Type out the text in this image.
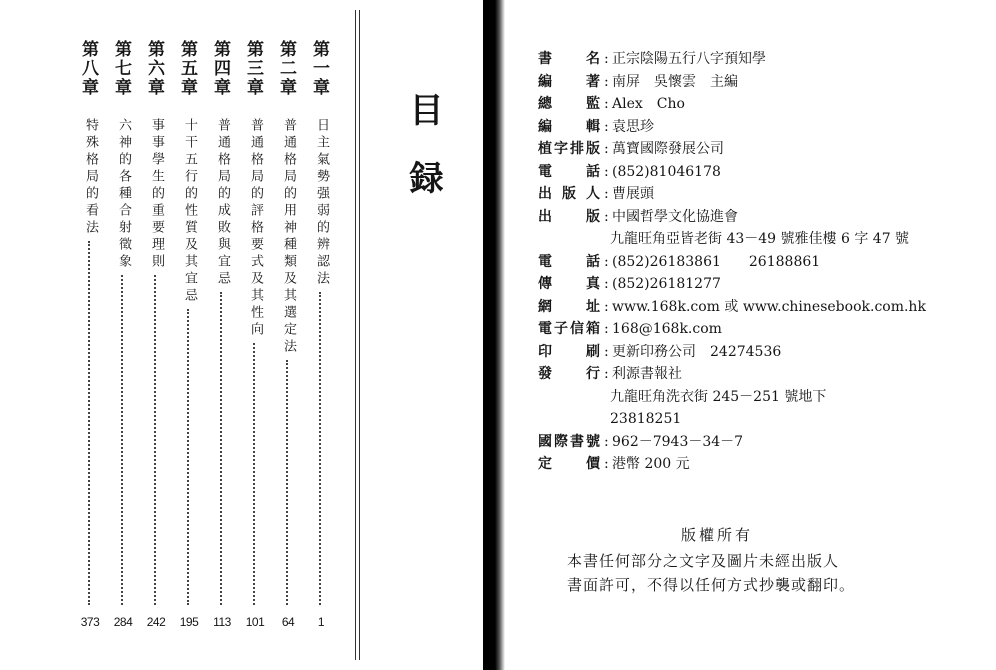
目録
第一章
日主氣勢强弱的辨認法
1
第二章
普通格局的用神種類及其選定法
64
第三章
普通格局的評格要式及其性向
101
第四章
普通格局的成敗與宜忌
113
第五章
十干五行的性質及其宜忌
195
第六章
事事學生的重要理則
242
第七章
六神的各種合射徵象
284
第八章
特殊格局的看法
373
書名 : 正宗陰陽五行八字預知學
編著 : 南屏　吳懷雲　主編
總監 : Alex　Cho
編輯 : 袁思珍
植字排版 : 萬寶國際發展公司
電話 : (852)81046178
出版人 : 曹展頭
出版 : 中國哲學文化協進會
九龍旺角亞皆老街 43－49 號雅佳樓 6 字 47 號
電話 : (852)26183861　　26188861
傳真 : (852)26181277
網址 : www.168k.com 或 www.chinesebook.com.hk
電子信箱 : 168@168k.com
印刷 : 更新印務公司　24274536
發行 : 利源書報社
九龍旺角洗衣街 245－251 號地下
23818251
國際書號 : 962－7943－34－7
定價 : 港幣 200 元
版權所有
本書任何部分之文字及圖片未經出版人
書面許可，不得以任何方式抄襲或翻印。
